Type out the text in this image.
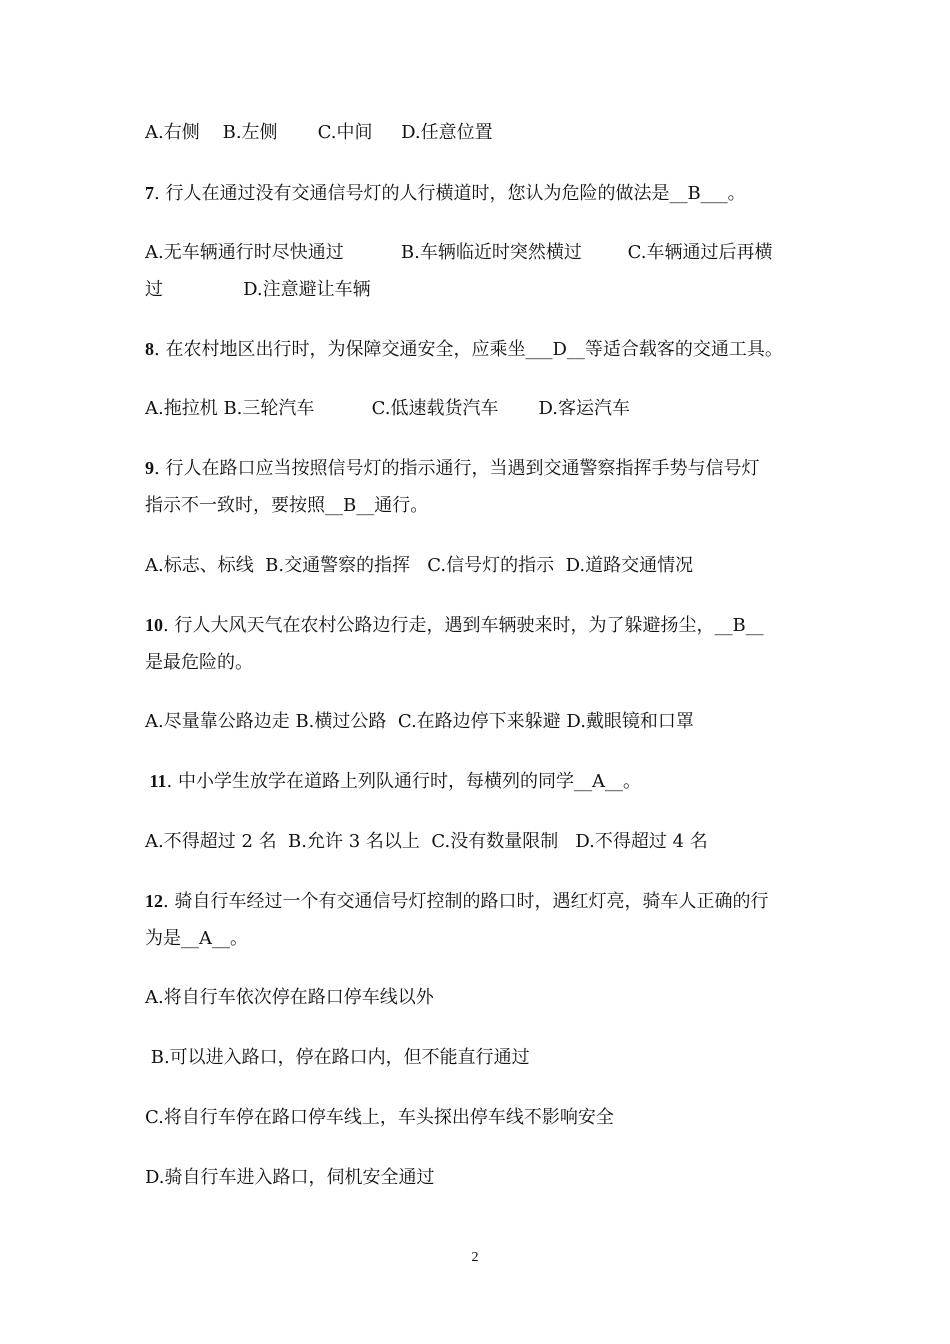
A.右侧    B.左侧       C.中间     D.任意位置
7. 行人在通过没有交通信号灯的人行横道时，您认为危险的做法是__B___。
A.无车辆通行时尽快通过          B.车辆临近时突然横过        C.车辆通过后再横
过              D.注意避让车辆
8. 在农村地区出行时，为保障交通安全，应乘坐___D__等适合载客的交通工具。
A.拖拉机 B.三轮汽车          C.低速载货汽车       D.客运汽车
9. 行人在路口应当按照信号灯的指示通行，当遇到交通警察指挥手势与信号灯
指示不一致时，要按照__B__通行。
A.标志、标线  B.交通警察的指挥   C.信号灯的指示  D.道路交通情况
10. 行人大风天气在农村公路边行走，遇到车辆驶来时，为了躲避扬尘，__B__
是最危险的。
A.尽量靠公路边走 B.横过公路  C.在路边停下来躲避 D.戴眼镜和口罩
11. 中小学生放学在道路上列队通行时，每横列的同学__A__。
A.不得超过 2 名  B.允许 3 名以上  C.没有数量限制   D.不得超过 4 名
12. 骑自行车经过一个有交通信号灯控制的路口时，遇红灯亮，骑车人正确的行
为是__A__。
A.将自行车依次停在路口停车线以外
B.可以进入路口，停在路口内，但不能直行通过
C.将自行车停在路口停车线上，车头探出停车线不影响安全
D.骑自行车进入路口，伺机安全通过
2
